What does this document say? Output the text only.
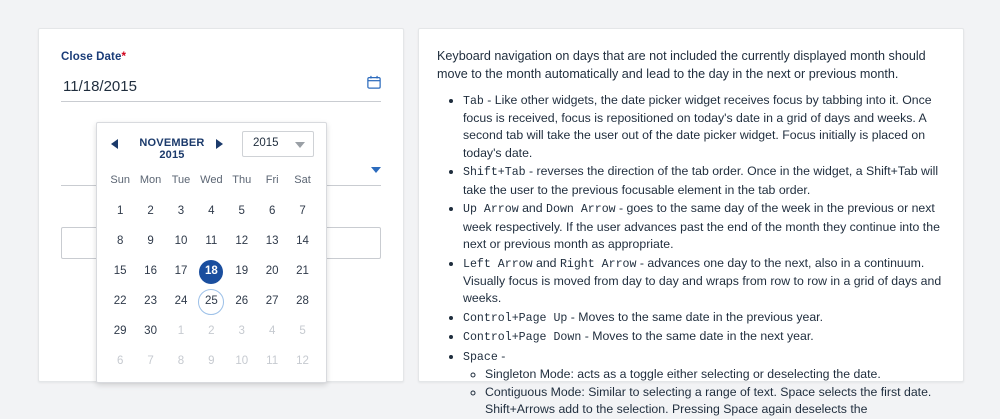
Close Date*
11/18/2015
NOVEMBER 2015
2015
Sun Mon Tue Wed Thu	Fri	Sat
1	2	3	4	5	6	7
8	9	10	11	12	13	14
15	16	17	18	19	20	21
22	23	24	25	26	27	28
29	30	1	2	3	4	5
6	7	8	9	10	11	12

Keyboard navigation on days that are not included the currently displayed month should move to the month automatically and lead to the day in the next or previous month.

• Tab - Like other widgets, the date picker widget receives focus by tabbing into it. Once focus is received, focus is repositioned on today's date in a grid of days and weeks. A second tab will take the user out of the date picker widget. Focus initially is placed on today's date.
• Shift+Tab - reverses the direction of the tab order. Once in the widget, a Shift+Tab will take the user to the previous focusable element in the tab order.
• Up Arrow and Down Arrow - goes to the same day of the week in the previous or next week respectively. If the user advances past the end of the month they continue into the next or previous month as appropriate.
• Left Arrow and Right Arrow - advances one day to the next, also in a continuum. Visually focus is moved from day to day and wraps from row to row in a grid of days and weeks.
• Control+Page Up - Moves to the same date in the previous year.
• Control+Page Down - Moves to the same date in the next year.
• Space -
◦ Singleton Mode: acts as a toggle either selecting or deselecting the date.
◦ Contiguous Mode: Similar to selecting a range of text. Space selects the first date. Shift+Arrows add to the selection. Pressing Space again deselects the
